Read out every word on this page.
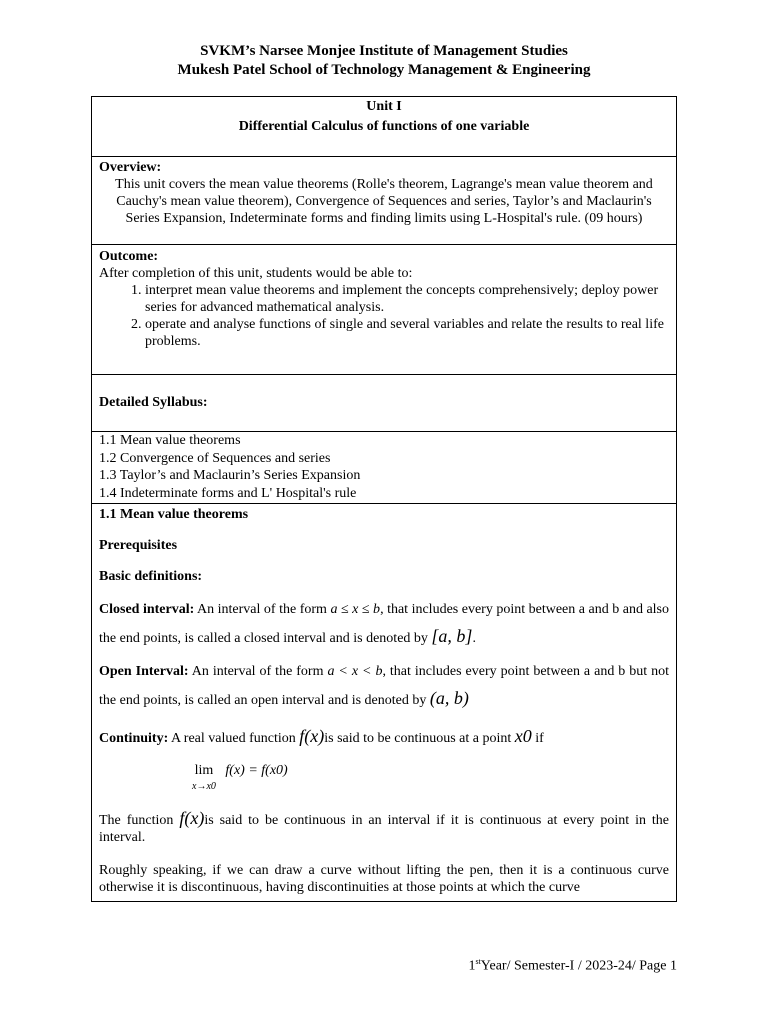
SVKM’s Narsee Monjee Institute of Management Studies
Mukesh Patel School of Technology Management & Engineering
Unit I
Differential Calculus of functions of one variable
Overview:
This unit covers the mean value theorems (Rolle's theorem, Lagrange's mean value theorem and Cauchy's mean value theorem), Convergence of Sequences and series, Taylor’s and Maclaurin's Series Expansion, Indeterminate forms and finding limits using L-Hospital's rule. (09 hours)
Outcome:
After completion of this unit, students would be able to:
1. interpret mean value theorems and implement the concepts comprehensively; deploy power series for advanced mathematical analysis.
2. operate and analyse functions of single and several variables and relate the results to real life problems.
Detailed Syllabus:
1.1 Mean value theorems
1.2 Convergence of Sequences and series
1.3 Taylor’s and Maclaurin’s Series Expansion
1.4 Indeterminate forms and L' Hospital's rule
1.1 Mean value theorems
Prerequisites
Basic definitions:
Closed interval: An interval of the form a ≤ x ≤ b, that includes every point between a and b and also the end points, is called a closed interval and is denoted by [a, b].
Open Interval: An interval of the form a < x < b, that includes every point between a and b but not the end points, is called an open interval and is denoted by (a, b)
Continuity: A real valued function f(x)is said to be continuous at a point x0 if
lim
x→x0 f(x) = f(x0)
The function f(x)is said to be continuous in an interval if it is continuous at every point in the interval.
Roughly speaking, if we can draw a curve without lifting the pen, then it is a continuous curve otherwise it is discontinuous, having discontinuities at those points at which the curve
1stYear/ Semester-I / 2023-24/ Page 1
